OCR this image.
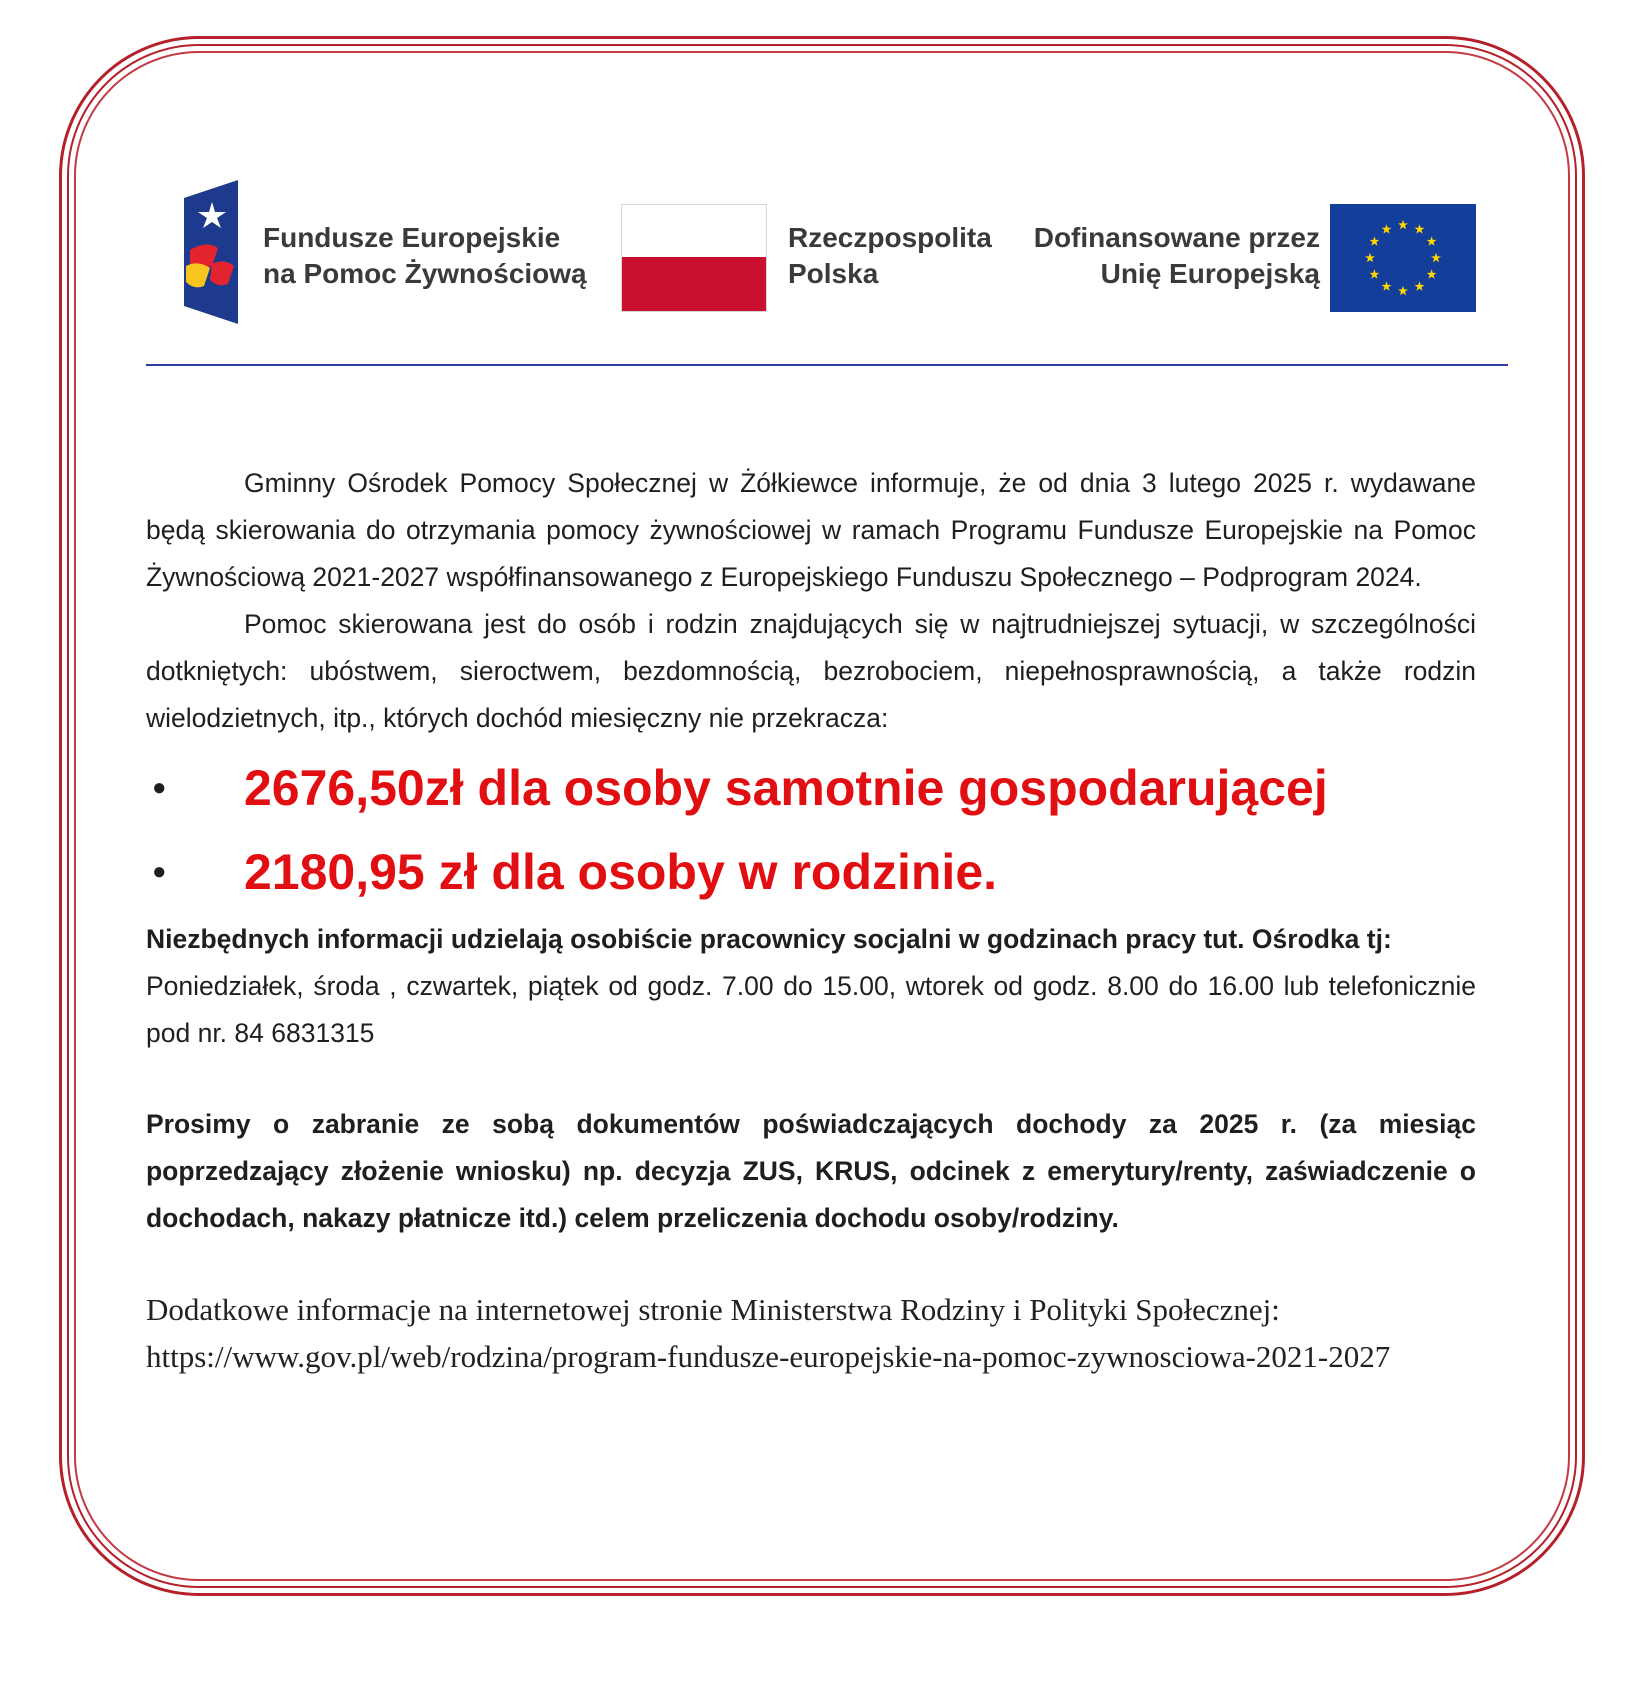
Fundusze Europejskie
na Pomoc Żywnościową
Rzeczpospolita
Polska
Dofinansowane przez
Unię Europejską

Gminny Ośrodek Pomocy Społecznej w Żółkiewce informuje, że od dnia 3 lutego 2025 r. wydawane będą skierowania do otrzymania pomocy żywnościowej w ramach Programu Fundusze Europejskie na Pomoc Żywnościową 2021-2027 współfinansowanego z Europejskiego Funduszu Społecznego – Podprogram 2024.

Pomoc skierowana jest do osób i rodzin znajdujących się w najtrudniejszej sytuacji, w szczególności dotkniętych: ubóstwem, sieroctwem, bezdomnością, bezrobociem, niepełnosprawnością, a także rodzin wielodzietnych, itp., których dochód miesięczny nie przekracza:

● 2676,50zł dla osoby samotnie gospodarującej
● 2180,95 zł dla osoby w rodzinie.

Niezbędnych informacji udzielają osobiście pracownicy socjalni w godzinach pracy tut. Ośrodka tj:

Poniedziałek, środa , czwartek, piątek od godz. 7.00 do 15.00, wtorek od godz. 8.00 do 16.00 lub telefonicznie pod nr. 84 6831315

Prosimy o zabranie ze sobą dokumentów poświadczających dochody za 2025 r. (za miesiąc poprzedzający złożenie wniosku) np. decyzja ZUS, KRUS, odcinek z emerytury/renty, zaświadczenie o dochodach, nakazy płatnicze itd.) celem przeliczenia dochodu osoby/rodziny.

Dodatkowe informacje na internetowej stronie Ministerstwa Rodziny i Polityki Społecznej:

https://www.gov.pl/web/rodzina/program-fundusze-europejskie-na-pomoc-zywnosciowa-2021-2027
